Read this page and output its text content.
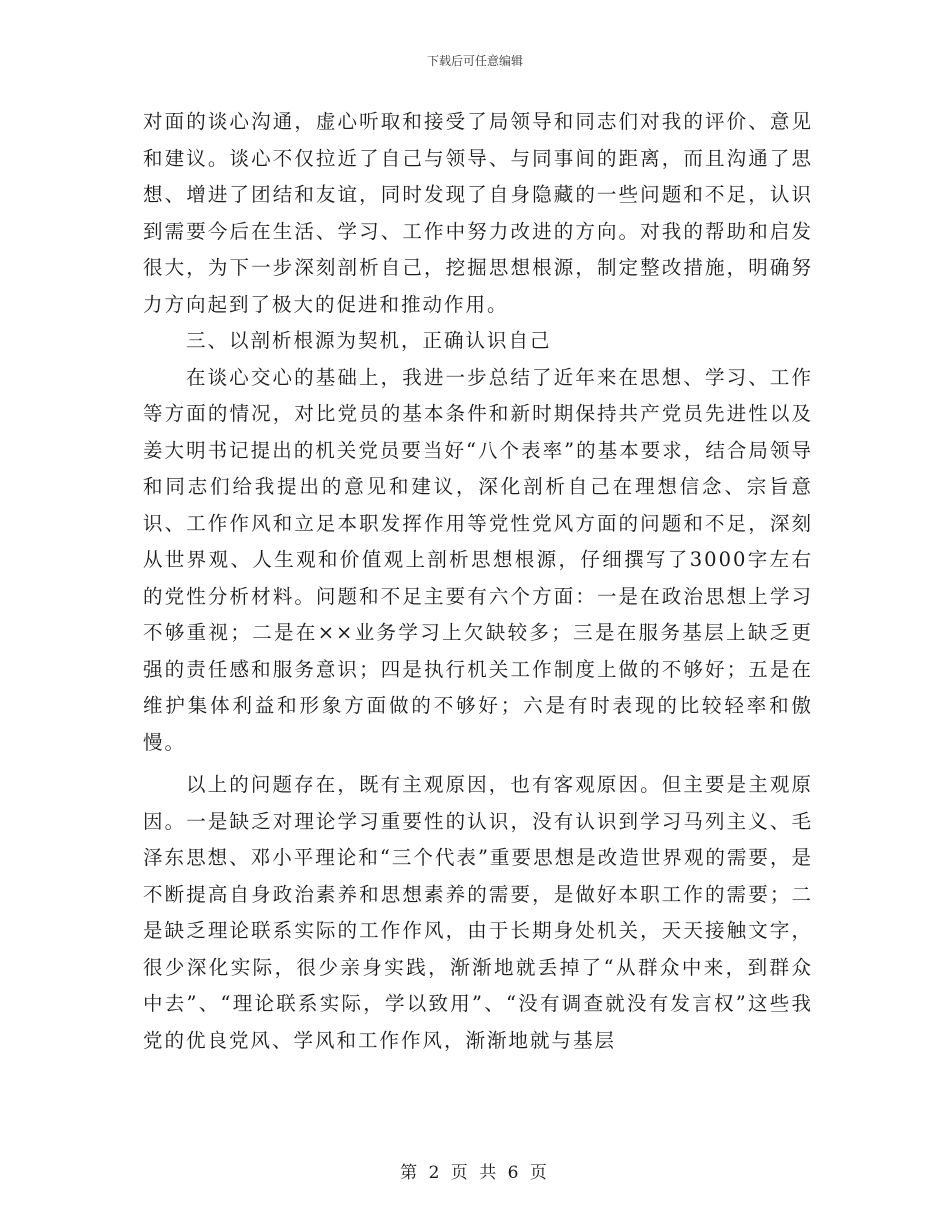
下载后可任意编辑

对面的谈心沟通，虚心听取和接受了局领导和同志们对我的评价、意见和建议。谈心不仅拉近了自己与领导、与同事间的距离，而且沟通了思想、增进了团结和友谊，同时发现了自身隐藏的一些问题和不足，认识到需要今后在生活、学习、工作中努力改进的方向。对我的帮助和启发很大，为下一步深刻剖析自己，挖掘思想根源，制定整改措施，明确努力方向起到了极大的促进和推动作用。

三、以剖析根源为契机，正确认识自己

在谈心交心的基础上，我进一步总结了近年来在思想、学习、工作等方面的情况，对比党员的基本条件和新时期保持共产党员先进性以及姜大明书记提出的机关党员要当好“八个表率”的基本要求，结合局领导和同志们给我提出的意见和建议，深化剖析自己在理想信念、宗旨意识、工作作风和立足本职发挥作用等党性党风方面的问题和不足，深刻从世界观、人生观和价值观上剖析思想根源，仔细撰写了3000字左右的党性分析材料。问题和不足主要有六个方面：一是在政治思想上学习不够重视；二是在××业务学习上欠缺较多；三是在服务基层上缺乏更强的责任感和服务意识；四是执行机关工作制度上做的不够好；五是在维护集体利益和形象方面做的不够好；六是有时表现的比较轻率和傲慢。

以上的问题存在，既有主观原因，也有客观原因。但主要是主观原因。一是缺乏对理论学习重要性的认识，没有认识到学习马列主义、毛泽东思想、邓小平理论和“三个代表”重要思想是改造世界观的需要，是不断提高自身政治素养和思想素养的需要，是做好本职工作的需要；二是缺乏理论联系实际的工作作风，由于长期身处机关，天天接触文字，很少深化实际，很少亲身实践，渐渐地就丢掉了“从群众中来，到群众中去”、“理论联系实际，学以致用”、“没有调查就没有发言权”这些我党的优良党风、学风和工作作风，渐渐地就与基层

第 2 页 共 6 页
